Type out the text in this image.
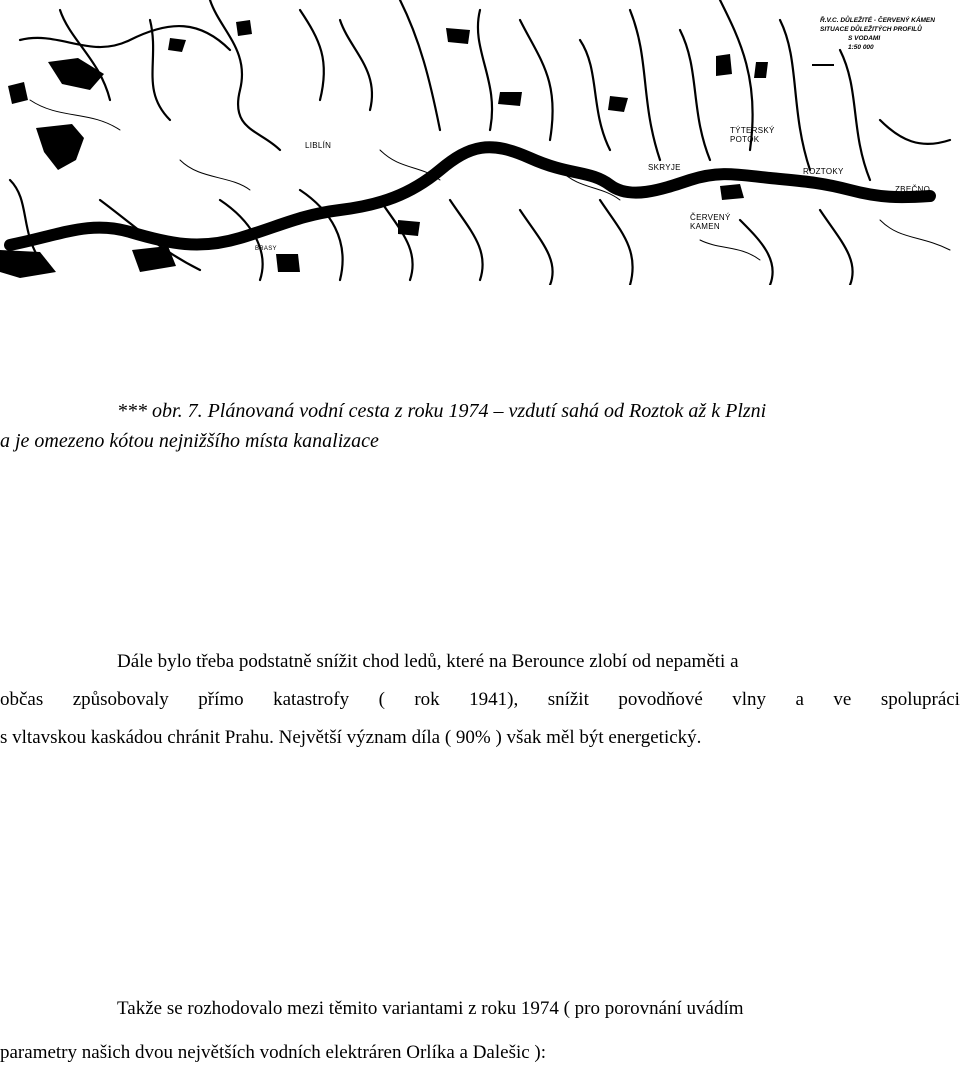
LIBLÍN
TÝTERSKÝ
POTOK
SKRYJE	ROZTOKY
ZBEČNO
ČERVENÝ
KAMEN
BRASY
Ř.V.C. DŮLEŽITÉ - ČERVENÝ KÁMEN
SITUACE DŮLEŽITÝCH PROFILŮ
S VODAMI
1:50 000
*** obr. 7. Plánovaná vodní cesta z roku 1974 – vzdutí sahá od Roztok až k Plzni
a je omezeno kótou nejnižšího místa kanalizace
Dále bylo třeba podstatně snížit chod ledů, které na Berounce zlobí od nepaměti a
občas způsobovaly přímo katastrofy ( rok 1941), snížit povodňové vlny a ve spolupráci
s vltavskou kaskádou chránit Prahu. Největší význam díla ( 90% ) však měl být energetický.
Takže se rozhodovalo mezi těmito variantami z roku 1974 ( pro porovnání uvádím
parametry našich dvou největších vodních elektráren Orlíka a Dalešic ):
